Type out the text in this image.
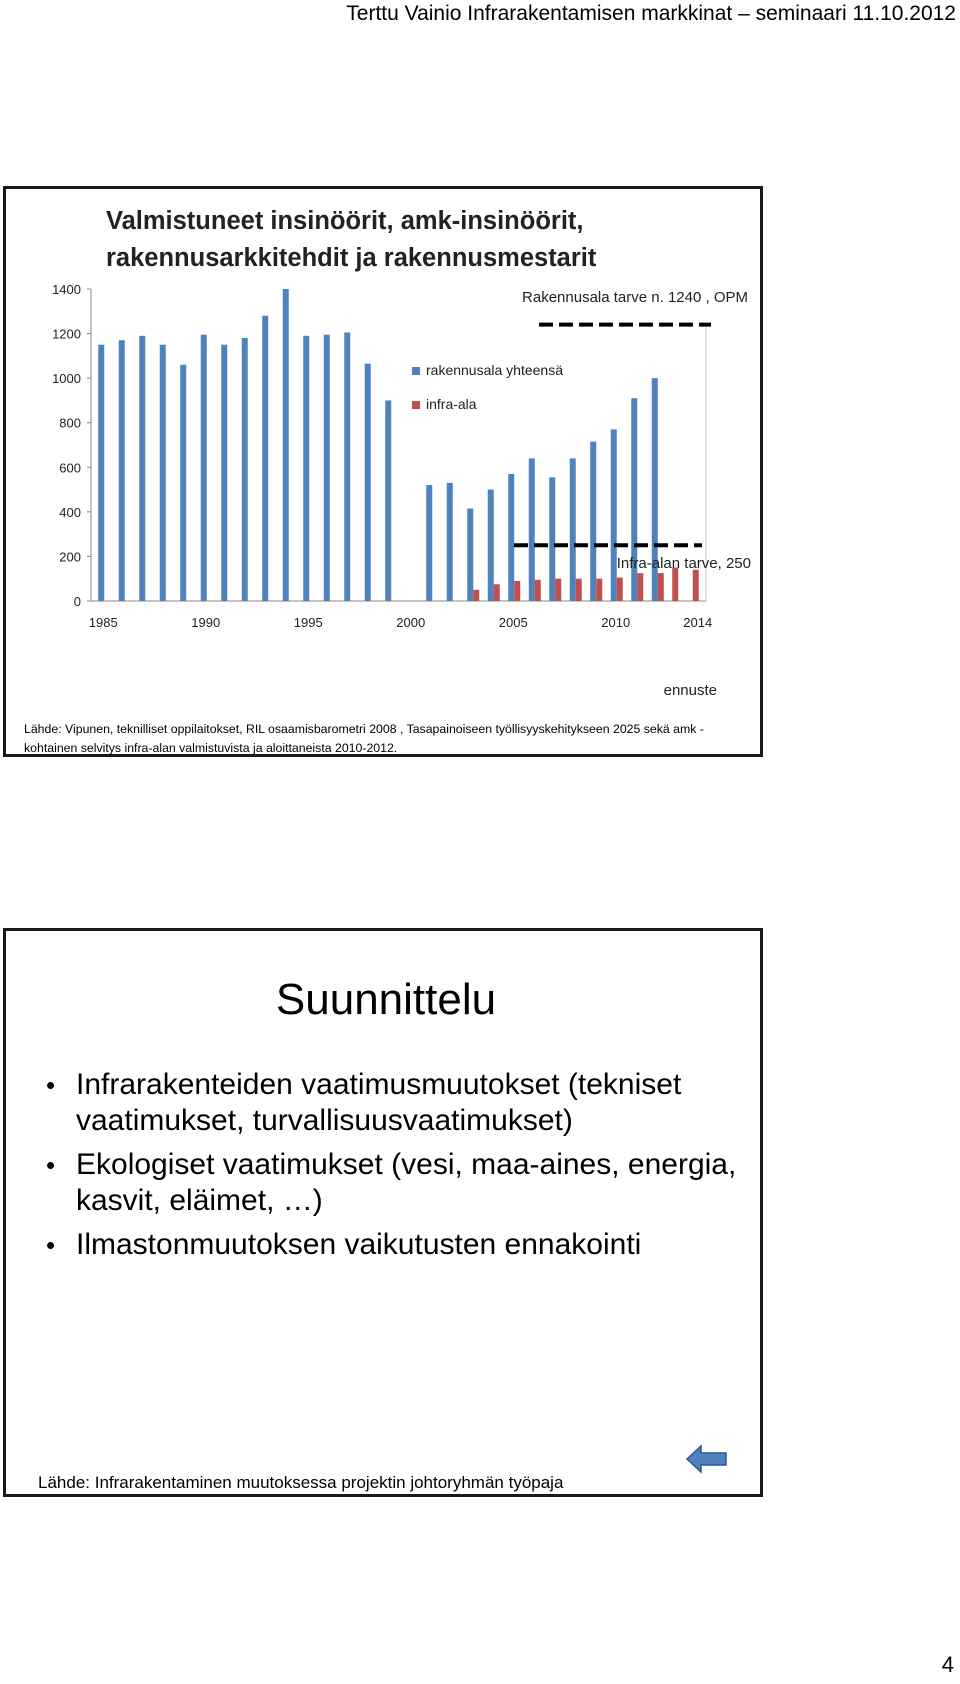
Terttu Vainio Infrarakentamisen markkinat – seminaari 11.10.2012
Valmistuneet insinöörit, amk-insinöörit,
rakennusarkkitehdit ja rakennusmestarit
0
200
400
600
800
1000
1200
1400
1985	1990	1995	2000	2005	2010	2014
Rakennusala tarve n. 1240 , OPM
Infra-alan tarve, 250
ennuste
rakennusala yhteensä
infra-ala
Lähde: Vipunen, teknilliset oppilaitokset, RIL osaamisbarometri 2008 , Tasapainoiseen työllisyyskehitykseen 2025 sekä amk -kohtainen selvitys infra-alan valmistuvista ja aloittaneista 2010-2012.
Suunnittelu
• Infrarakenteiden vaatimusmuutokset (tekniset vaatimukset, turvallisuusvaatimukset)
• Ekologiset vaatimukset (vesi, maa-aines, energia, kasvit, eläimet, …)
• Ilmastonmuutoksen vaikutusten ennakointi
Lähde: Infrarakentaminen muutoksessa projektin johtoryhmän työpaja
4
